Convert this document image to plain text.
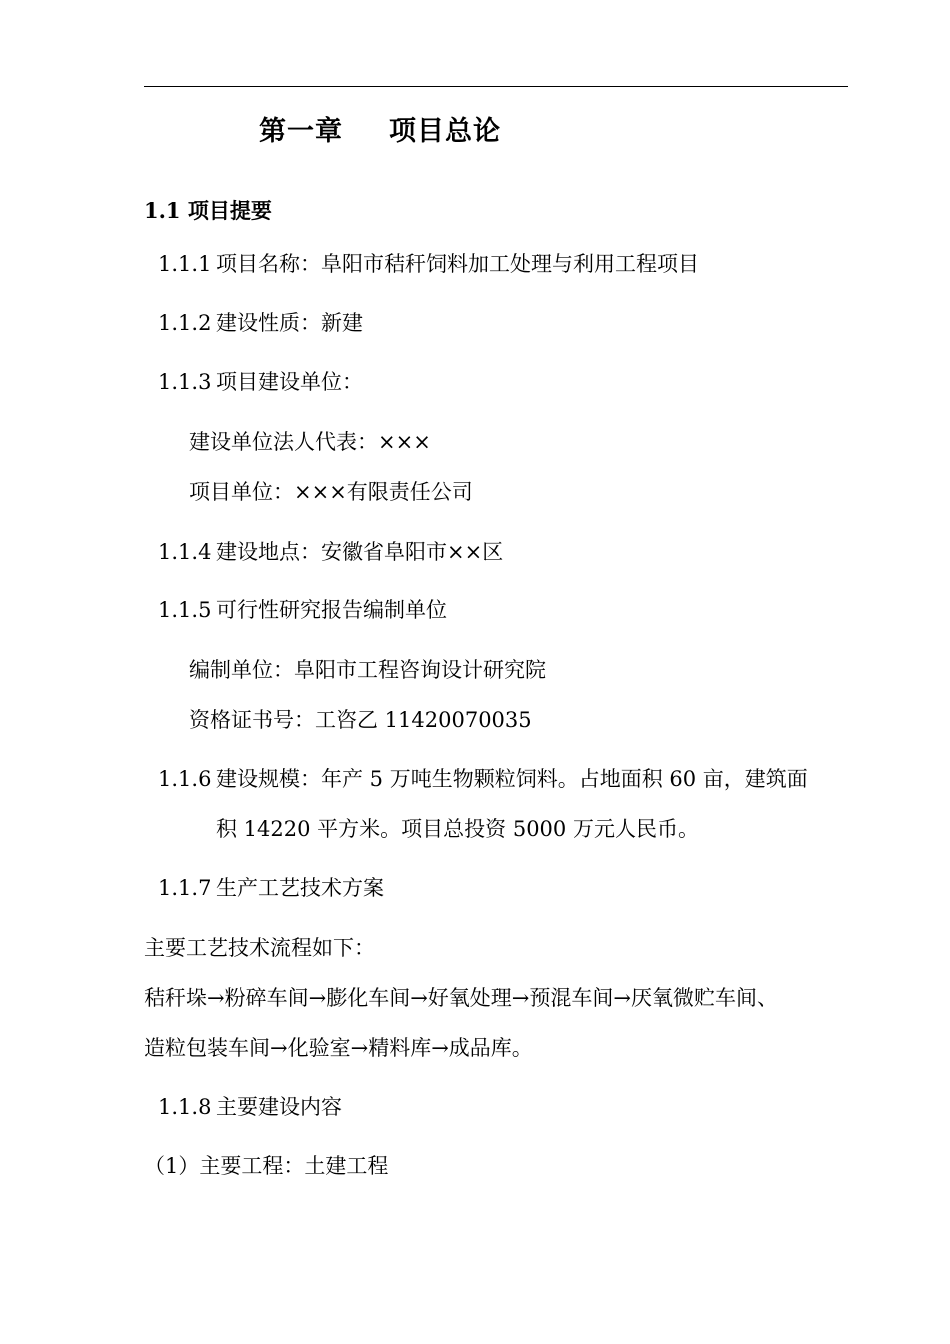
第一章 项目总论
1.1 项目提要
1.1.1 项目名称：阜阳市秸秆饲料加工处理与利用工程项目
1.1.2 建设性质：新建
1.1.3 项目建设单位：
建设单位法人代表：×××
项目单位：×××有限责任公司
1.1.4 建设地点：安徽省阜阳市××区
1.1.5 可行性研究报告编制单位
编制单位：阜阳市工程咨询设计研究院
资格证书号：工咨乙 11420070035
1.1.6 建设规模：年产 5 万吨生物颗粒饲料。占地面积 60 亩，建筑面
积 14220 平方米。项目总投资 5000 万元人民币。
1.1.7 生产工艺技术方案
主要工艺技术流程如下：
秸秆垛→粉碎车间→膨化车间→好氧处理→预混车间→厌氧微贮车间、
造粒包装车间→化验室→精料库→成品库。
1.1.8 主要建设内容
（1）主要工程：土建工程
